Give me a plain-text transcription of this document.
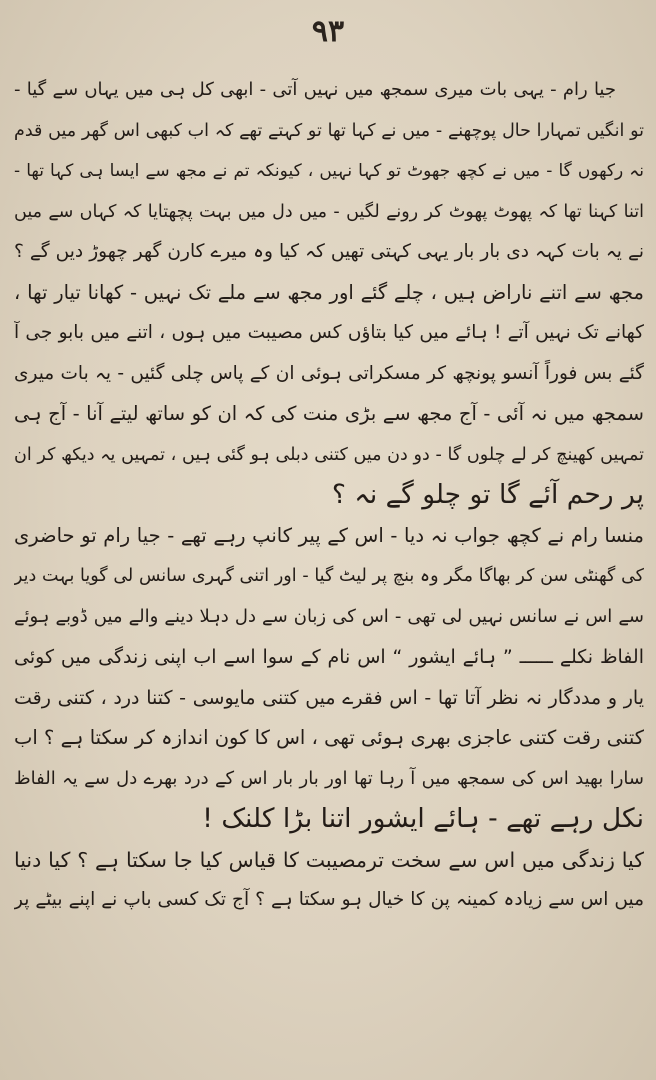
۹۳
جیا رام - یہی بات میری سمجھ میں نہیں آتی - ابھی کل ہی میں یہاں سے گیا -
تو انگیں تمہارا حال پوچھنے - میں نے کہا تھا تو کہتے تھے کہ اب کبھی اس گھر میں قدم
نہ رکھوں گا - میں نے کچھ جھوٹ تو کہا نہیں ، کیونکہ تم نے مجھ سے ایسا ہی کہا تھا -
اتنا کہنا تھا کہ پھوٹ پھوٹ کر رونے لگیں - میں دل میں بہت پچھتایا کہ کہاں سے میں
نے یہ بات کہہ دی بار بار یہی کہتی تھیں کہ کیا وہ میرے کارن گھر چھوڑ دیں گے ؟
مجھ سے اتنے ناراض ہیں ، چلے گئے اور مجھ سے ملے تک نہیں - کھانا تیار تھا ،
کھانے تک نہیں آتے ! ہائے میں کیا بتاؤں کس مصیبت میں ہوں ، اتنے میں بابو جی آ
گئے بس فوراً آنسو پونچھ کر مسکراتی ہوئی ان کے پاس چلی گئیں - یہ بات میری
سمجھ میں نہ آئی - آج مجھ سے بڑی منت کی کہ ان کو ساتھ لیتے آنا - آج ہی
تمہیں کھینچ کر لے چلوں گا - دو دن میں کتنی دبلی ہو گئی ہیں ، تمہیں یہ دیکھ کر ان
پر رحم آئے گا تو چلو گے نہ ؟
منسا رام نے کچھ جواب نہ دیا - اس کے پیر کانپ رہے تھے - جیا رام تو حاضری
کی گھنٹی سن کر بھاگا مگر وہ بنچ پر لیٹ گیا - اور اتنی گہری سانس لی گویا بہت دیر
سے اس نے سانس نہیں لی تھی - اس کی زبان سے دل دہلا دینے والے میں ڈوبے ہوئے
الفاظ نکلے ــــــ ” ہائے ایشور “ اس نام کے سوا اسے اب اپنی زندگی میں کوئی
یار و مددگار نہ نظر آتا تھا - اس فقرے میں کتنی مایوسی - کتنا درد ، کتنی رقت
کتنی رقت کتنی عاجزی بھری ہوئی تھی ، اس کا کون اندازہ کر سکتا ہے ؟ اب
سارا بھید اس کی سمجھ میں آ رہا تھا اور بار بار اس کے درد بھرے دل سے یہ الفاظ
نکل رہے تھے - ہائے ایشور اتنا بڑا کلنک !
کیا زندگی میں اس سے سخت ترمصیبت کا قیاس کیا جا سکتا ہے ؟ کیا دنیا
میں اس سے زیادہ کمینہ پن کا خیال ہو سکتا ہے ؟ آج تک کسی باپ نے اپنے بیٹے پر
